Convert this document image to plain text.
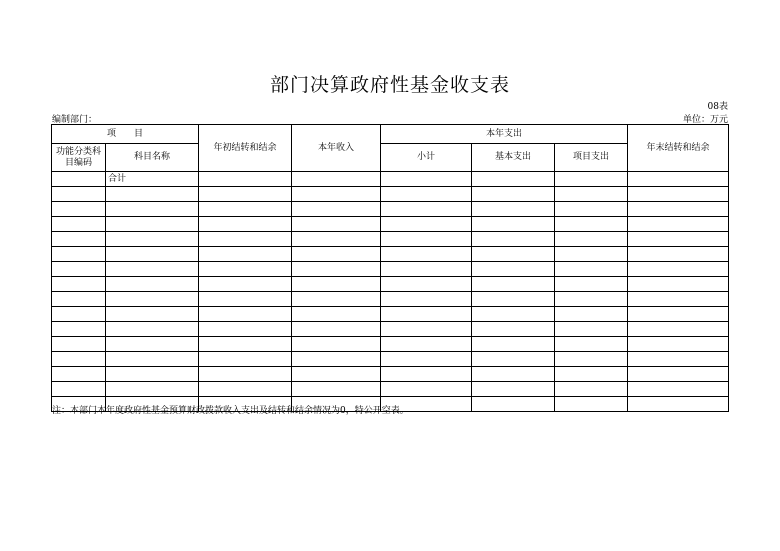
部门决算政府性基金收支表
08表
编制部门：	单位：万元
项　　目		年初结转和结余	本年收入	本年支出			年末结转和结余
功能分类科目编码	科目名称			小计	基本支出	项目支出	
	合计						

注：本部门本年度政府性基金预算财政拨款收入支出及结转和结余情况为0，特公开空表。
